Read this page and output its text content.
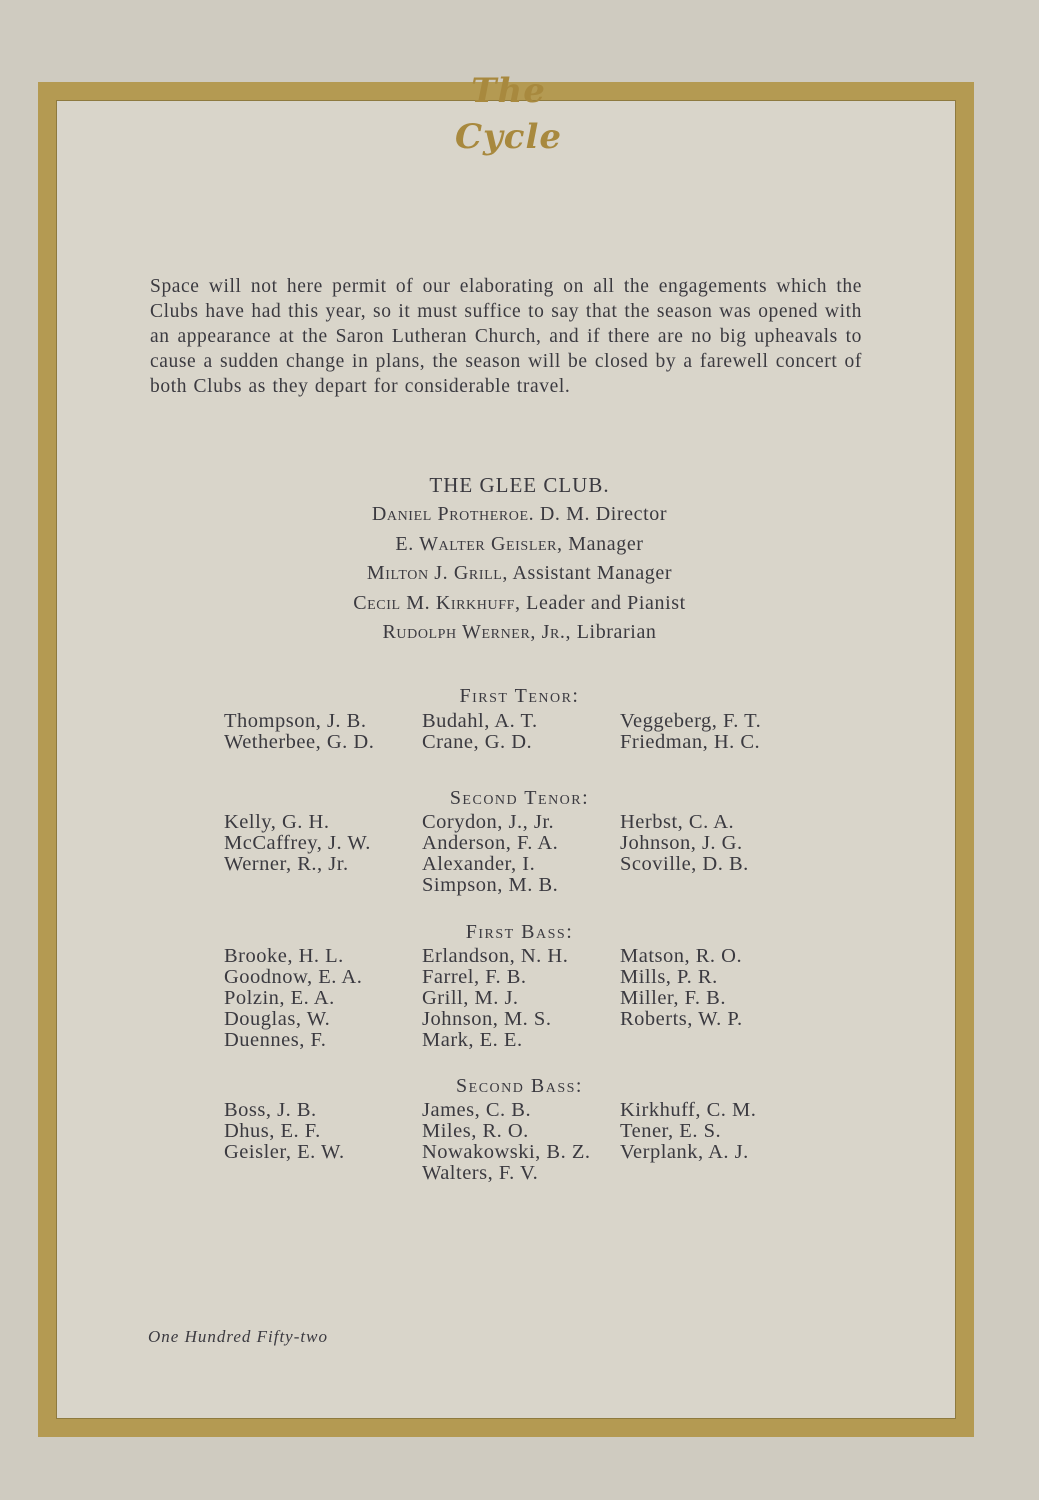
The Cycle

Space will not here permit of our elaborating on all the engagements which the Clubs have had this year, so it must suffice to say that the season was opened with an appearance at the Saron Lutheran Church, and if there are no big upheavals to cause a sudden change in plans, the season will be closed by a farewell concert of both Clubs as they depart for considerable travel.

THE GLEE CLUB.
Daniel Protheroe. D. M. Director
E. Walter Geisler, Manager
Milton J. Grill, Assistant Manager
Cecil M. Kirkhuff, Leader and Pianist
Rudolph Werner, Jr., Librarian
First Tenor:
Thompson, J. B.
Wetherbee, G. D.
Budahl, A. T.
Crane, G. D.
Veggeberg, F. T.
Friedman, H. C.
Second Tenor:
Kelly, G. H.
McCaffrey, J. W.
Werner, R., Jr.
Corydon, J., Jr.
Anderson, F. A.
Alexander, I.
Simpson, M. B.
Herbst, C. A.
Johnson, J. G.
Scoville, D. B.
First Bass:
Brooke, H. L.
Goodnow, E. A.
Polzin, E. A.
Douglas, W.
Duennes, F.
Erlandson, N. H.
Farrel, F. B.
Grill, M. J.
Johnson, M. S.
Mark, E. E.
Matson, R. O.
Mills, P. R.
Miller, F. B.
Roberts, W. P.
Second Bass:
Boss, J. B.
Dhus, E. F.
Geisler, E. W.
James, C. B.
Miles, R. O.
Nowakowski, B. Z.
Walters, F. V.
Kirkhuff, C. M.
Tener, E. S.
Verplank, A. J.
One Hundred Fifty-two
